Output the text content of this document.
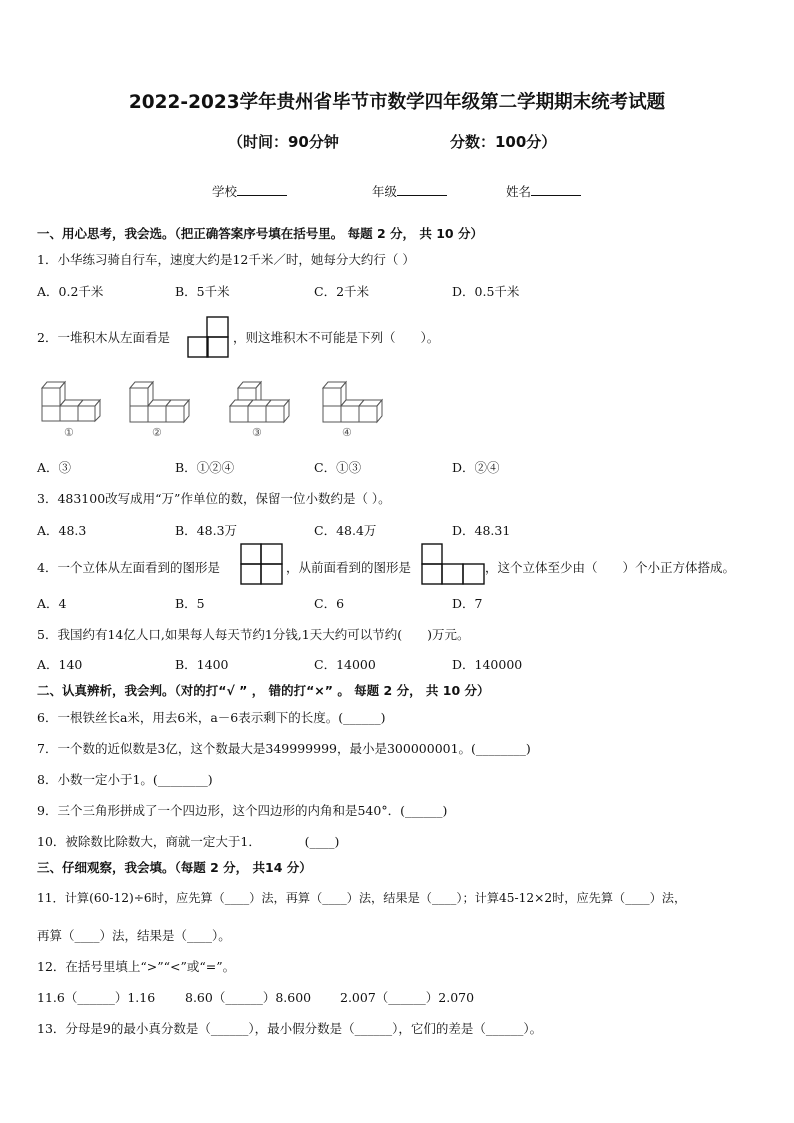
2022-2023学年贵州省毕节市数学四年级第二学期期末统考试题
（时间：90分钟	分数：100分）
学校	年级	姓名
一、用心思考，我会选。（把正确答案序号填在括号里。 每题 2 分， 共 10 分）
1．小华练习骑自行车，速度大约是12千米／时，她每分大约行（ ）
A．0.2千米	B．5千米	C．2千米	D．0.5千米
2．一堆积木从左面看是	，则这堆积木不可能是下列（　　）。
①	②	③	④
A．③	B．①②④	C．①③	D．②④
3．483100改写成用“万”作单位的数，保留一位小数约是（ ）。
A．48.3	B．48.3万	C．48.4万	D．48.31
4．一个立体从左面看到的图形是	，从前面看到的图形是	，这个立体至少由（　　）个小正方体搭成。
A．4	B．5	C．6	D．7
5．我国约有14亿人口,如果每人每天节约1分钱,1天大约可以节约(　　)万元。
A．140	B．1400	C．14000	D．140000
二、认真辨析，我会判。（对的打“√ ” ， 错的打“×” 。 每题 2 分， 共 10 分）
6．一根铁丝长a米，用去6米，a－6表示剩下的长度。(______)
7．一个数的近似数是3亿，这个数最大是349999999，最小是300000001。(________)
8．小数一定小于1。(________)
9．三个三角形拼成了一个四边形，这个四边形的内角和是540°．(______)
10．被除数比除数大，商就一定大于1．　　　　(____)
三、仔细观察，我会填。（每题 2 分， 共14 分）
11．计算(60-12)÷6时，应先算（____）法，再算（____）法，结果是（____）；计算45-12×2时，应先算（____）法，
再算（____）法，结果是（____）。
12．在括号里填上“>”“<”或“=”。
11.6（______）1.16 8.60（______）8.600 2.007（______）2.070
13．分母是9的最小真分数是（______），最小假分数是（______），它们的差是（______）。
